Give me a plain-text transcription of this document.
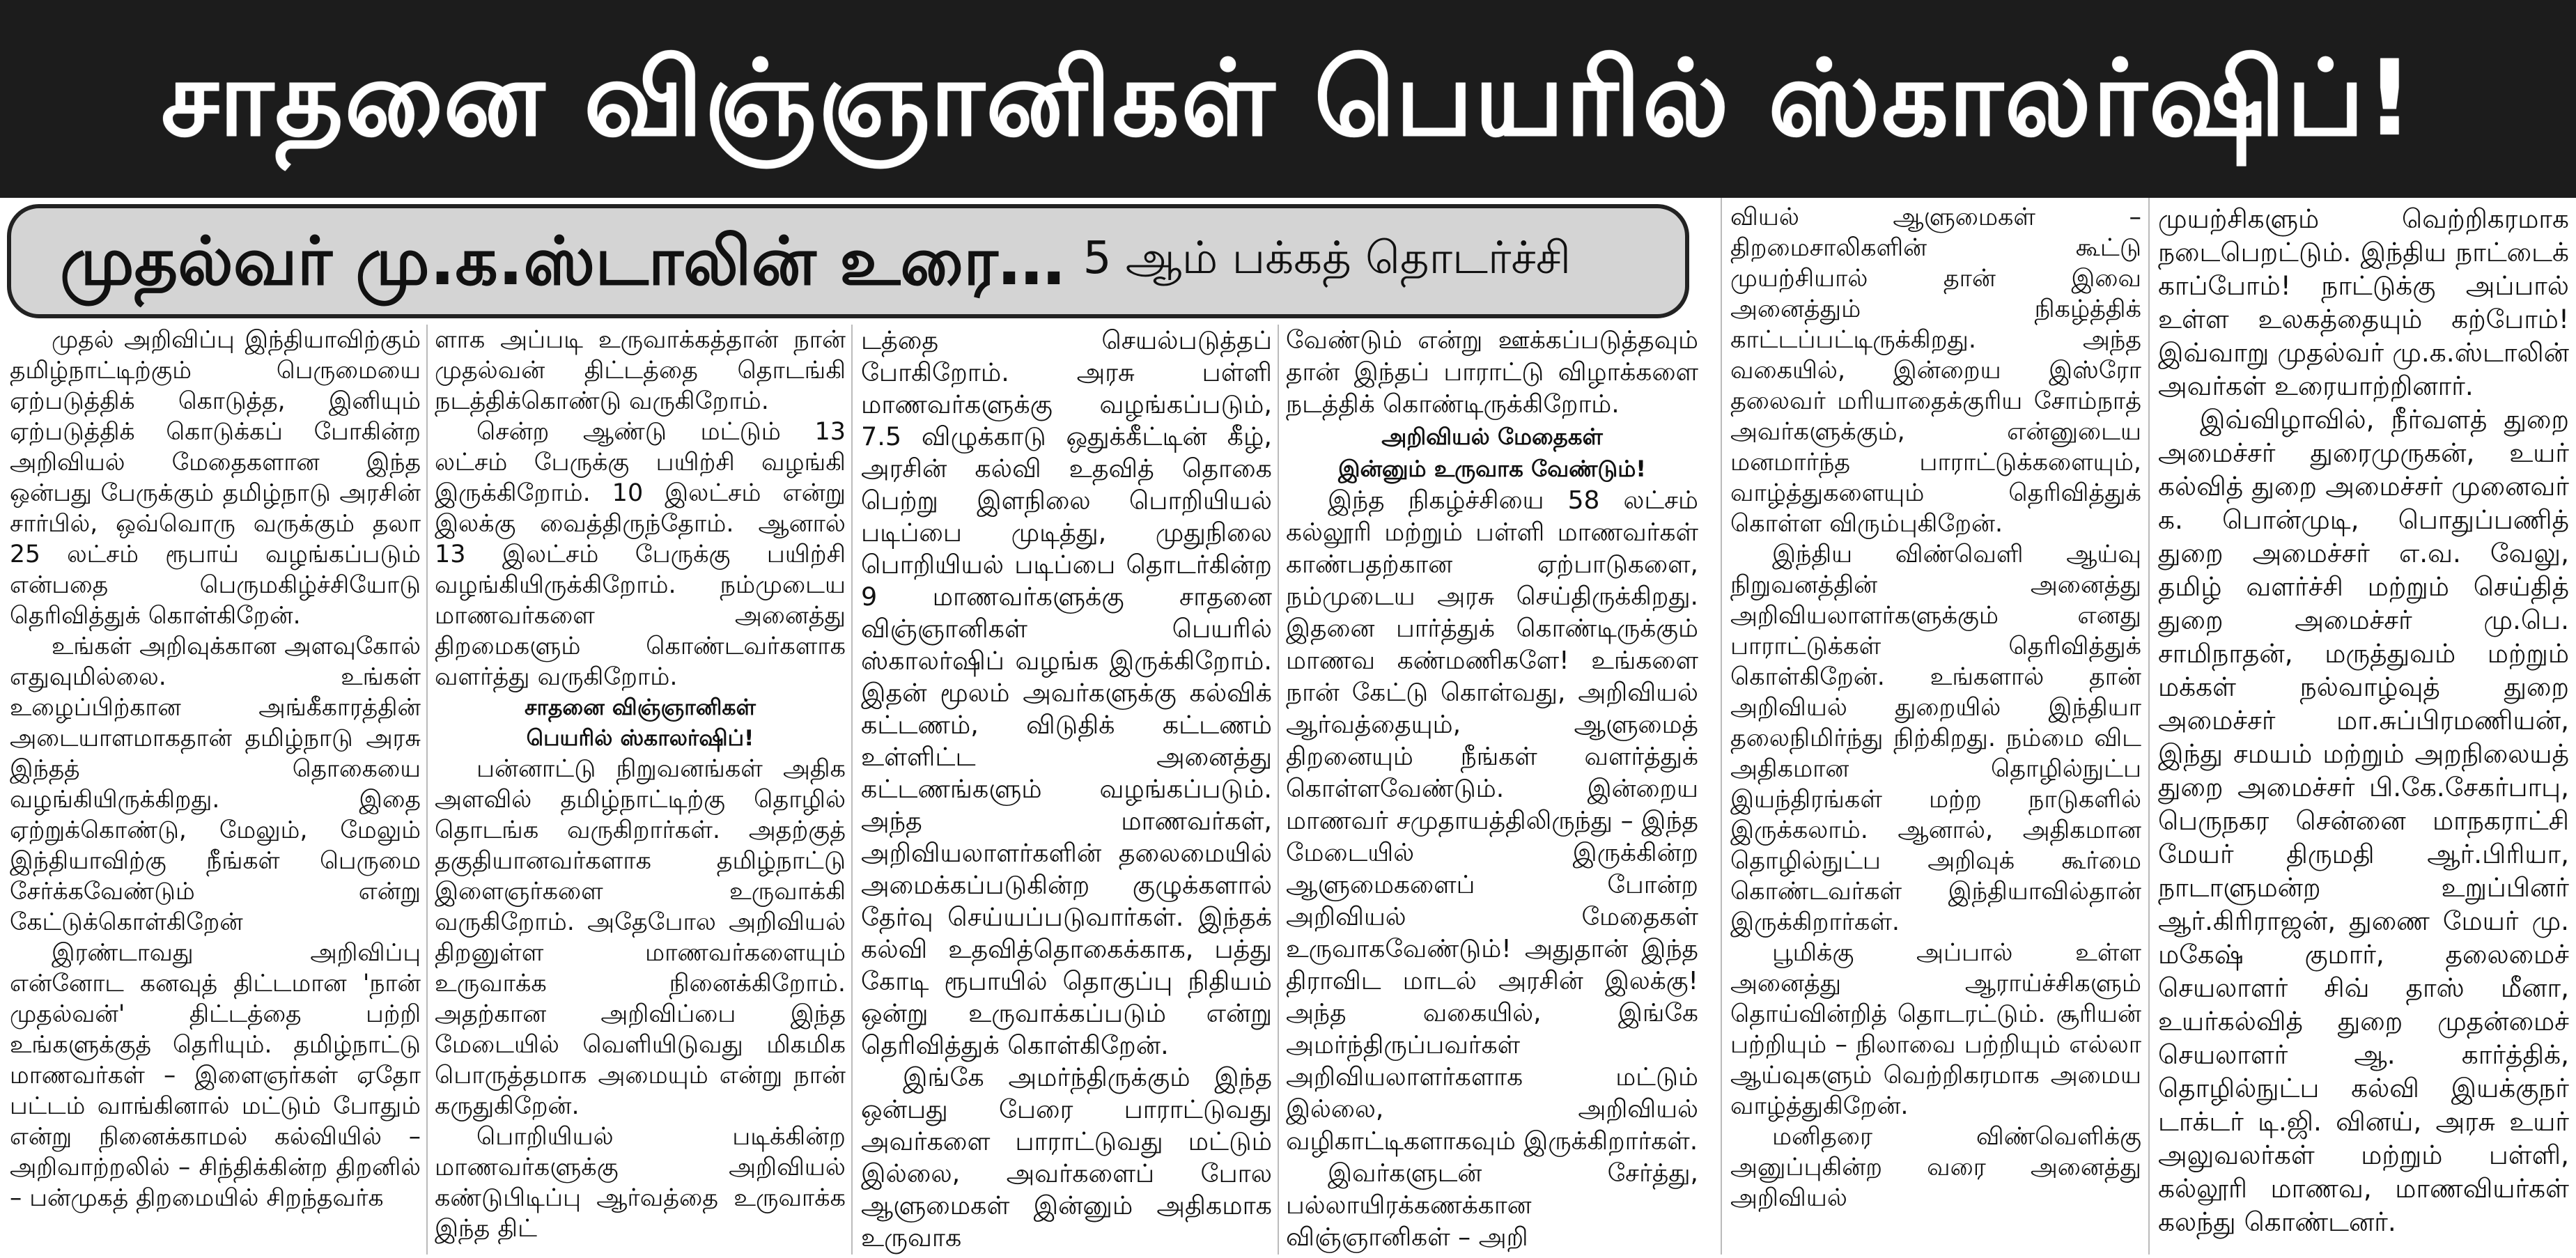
சாதனை விஞ்ஞானிகள் பெயரில் ஸ்காலர்ஷிப்!
முதல்வர் மு.க.ஸ்டாலின் உரை… 5 ஆம் பக்கத் தொடர்ச்சி

முதல் அறிவிப்பு இந்தியாவிற்கும் தமிழ்நாட்டிற்கும் பெருமையை ஏற்படுத்திக் கொடுத்த, இனியும் ஏற்படுத்திக் கொடுக்கப் போகின்ற அறிவியல் மேதைகளான இந்த ஒன்பது பேருக்கும் தமிழ்நாடு அரசின் சார்பில், ஒவ்வொரு வருக்கும் தலா 25 லட்சம் ரூபாய் வழங்கப்படும் என்பதை பெருமகிழ்ச்சியோடு தெரிவித்துக் கொள்கிறேன்.

உங்கள் அறிவுக்கான அளவுகோல் எதுவுமில்லை. உங்கள் உழைப்பிற்கான அங்கீகாரத்தின் அடையாளமாகதான் தமிழ்நாடு அரசு இந்தத் தொகையை வழங்கியிருக்கிறது. இதை ஏற்றுக்கொண்டு, மேலும், மேலும் இந்தியாவிற்கு நீங்கள் பெருமை சேர்க்கவேண்டும் என்று கேட்டுக்கொள்கிறேன்

இரண்டாவது அறிவிப்பு என்னோட கனவுத் திட்டமான 'நான் முதல்வன்' திட்டத்தை பற்றி உங்களுக்குத் தெரியும். தமிழ்நாட்டு மாணவர்கள் – இளைஞர்கள் ஏதோ பட்டம் வாங்கினால் மட்டும் போதும் என்று நினைக்காமல் கல்வியில் – அறிவாற்றலில் – சிந்திக்கின்ற திறனில் – பன்முகத் திறமையில் சிறந்தவர்க

ளாக அப்படி உருவாக்கத்தான் நான் முதல்வன் திட்டத்தை தொடங்கி நடத்திக்கொண்டு வருகிறோம்.

சென்ற ஆண்டு மட்டும் 13 லட்சம் பேருக்கு பயிற்சி வழங்கி இருக்கிறோம். 10 இலட்சம் என்று இலக்கு வைத்திருந்தோம். ஆனால் 13 இலட்சம் பேருக்கு பயிற்சி வழங்கியிருக்கிறோம். நம்முடைய மாணவர்களை அனைத்து திறமைகளும் கொண்டவர்களாக வளர்த்து வருகிறோம்.

சாதனை விஞ்ஞானிகள்
பெயரில் ஸ்காலர்ஷிப்!

பன்னாட்டு நிறுவனங்கள் அதிக அளவில் தமிழ்நாட்டிற்கு தொழில் தொடங்க வருகிறார்கள். அதற்குத் தகுதியானவர்களாக தமிழ்நாட்டு இளைஞர்களை உருவாக்கி வருகிறோம். அதேபோல அறிவியல் திறனுள்ள மாணவர்களையும் உருவாக்க நினைக்கிறோம். அதற்கான அறிவிப்பை இந்த மேடையில் வெளியிடுவது மிகமிக பொருத்தமாக அமையும் என்று நான் கருதுகிறேன்.

பொறியியல் படிக்கின்ற மாணவர்களுக்கு அறிவியல் கண்டுபிடிப்பு ஆர்வத்தை உருவாக்க இந்த திட்

டத்தை செயல்படுத்தப் போகிறோம். அரசு பள்ளி மாணவர்களுக்கு வழங்கப்படும், 7.5 விழுக்காடு ஒதுக்கீட்டின் கீழ், அரசின் கல்வி உதவித் தொகை பெற்று இளநிலை பொறியியல் படிப்பை முடித்து, முதுநிலை பொறியியல் படிப்பை தொடர்கின்ற 9 மாணவர்களுக்கு சாதனை விஞ்ஞானிகள் பெயரில் ஸ்காலர்ஷிப் வழங்க இருக்கிறோம். இதன் மூலம் அவர்களுக்கு கல்விக் கட்டணம், விடுதிக் கட்டணம் உள்ளிட்ட அனைத்து கட்டணங்களும் வழங்கப்படும். அந்த மாணவர்கள், அறிவியலாளர்களின் தலைமையில் அமைக்கப்படுகின்ற குழுக்களால் தேர்வு செய்யப்படுவார்கள். இந்தக் கல்வி உதவித்தொகைக்காக, பத்து கோடி ரூபாயில் தொகுப்பு நிதியம் ஒன்று உருவாக்கப்படும் என்று தெரிவித்துக் கொள்கிறேன்.

இங்கே அமர்ந்திருக்கும் இந்த ஒன்பது பேரை பாராட்டுவது அவர்களை பாராட்டுவது மட்டும் இல்லை, அவர்களைப் போல ஆளுமைகள் இன்னும் அதிகமாக உருவாக

வேண்டும் என்று ஊக்கப்படுத்தவும் தான் இந்தப் பாராட்டு விழாக்களை நடத்திக் கொண்டிருக்கிறோம்.

அறிவியல் மேதைகள்
இன்னும் உருவாக வேண்டும்!

இந்த நிகழ்ச்சியை 58 லட்சம் கல்லூரி மற்றும் பள்ளி மாணவர்கள் காண்பதற்கான ஏற்பாடுகளை, நம்முடைய அரசு செய்திருக்கிறது. இதனை பார்த்துக் கொண்டிருக்கும் மாணவ கண்மணிகளே! உங்களை நான் கேட்டு கொள்வது, அறிவியல் ஆர்வத்தையும், ஆளுமைத் திறனையும் நீங்கள் வளர்த்துக் கொள்ளவேண்டும். இன்றைய மாணவர் சமுதாயத்திலிருந்து – இந்த மேடையில் இருக்கின்ற ஆளுமைகளைப் போன்ற அறிவியல் மேதைகள் உருவாகவேண்டும்! அதுதான் இந்த திராவிட மாடல் அரசின் இலக்கு! அந்த வகையில், இங்கே அமர்ந்திருப்பவர்கள் அறிவியலாளர்களாக மட்டும் இல்லை, அறிவியல் வழிகாட்டிகளாகவும் இருக்கிறார்கள்.

இவர்களுடன் சேர்த்து, பல்லாயிரக்கணக்கான விஞ்ஞானிகள் – அறி

வியல் ஆளுமைகள் – திறமைசாலிகளின் கூட்டு முயற்சியால் தான் இவை அனைத்தும் நிகழ்த்திக் காட்டப்பட்டிருக்கிறது. அந்த வகையில், இன்றைய இஸ்ரோ தலைவர் மரியாதைக்குரிய சோம்நாத் அவர்களுக்கும், என்னுடைய மனமார்ந்த பாராட்டுக்களையும், வாழ்த்துகளையும் தெரிவித்துக் கொள்ள விரும்புகிறேன்.

இந்திய விண்வெளி ஆய்வு நிறுவனத்தின் அனைத்து அறிவியலாளர்களுக்கும் எனது பாராட்டுக்கள் தெரிவித்துக் கொள்கிறேன். உங்களால் தான் அறிவியல் துறையில் இந்தியா தலைநிமிர்ந்து நிற்கிறது. நம்மை விட அதிகமான தொழில்நுட்ப இயந்திரங்கள் மற்ற நாடுகளில் இருக்கலாம். ஆனால், அதிகமான தொழில்நுட்ப அறிவுக் கூர்மை கொண்டவர்கள் இந்தியாவில்தான் இருக்கிறார்கள்.

பூமிக்கு அப்பால் உள்ள அனைத்து ஆராய்ச்சிகளும் தொய்வின்றித் தொடரட்டும். சூரியன் பற்றியும் – நிலாவை பற்றியும் எல்லா ஆய்வுகளும் வெற்றிகரமாக அமைய வாழ்த்துகிறேன்.

மனிதரை விண்வெளிக்கு அனுப்புகின்ற வரை அனைத்து அறிவியல்

முயற்சிகளும் வெற்றிகரமாக நடைபெறட்டும். இந்திய நாட்டைக் காப்போம்! நாட்டுக்கு அப்பால் உள்ள உலகத்தையும் கற்போம்! இவ்வாறு முதல்வர் மு.க.ஸ்டாலின் அவர்கள் உரையாற்றினார்.

இவ்விழாவில், நீர்வளத் துறை அமைச்சர் துரைமுருகன், உயர் கல்வித் துறை அமைச்சர் முனைவர் க. பொன்முடி, பொதுப்பணித் துறை அமைச்சர் எ.வ. வேலு, தமிழ் வளர்ச்சி மற்றும் செய்தித் துறை அமைச்சர் மு.பெ. சாமிநாதன், மருத்துவம் மற்றும் மக்கள் நல்வாழ்வுத் துறை அமைச்சர் மா.சுப்பிரமணியன், இந்து சமயம் மற்றும் அறநிலையத் துறை அமைச்சர் பி.கே.சேகர்பாபு, பெருநகர சென்னை மாநகராட்சி மேயர் திருமதி ஆர்.பிரியா, நாடாளுமன்ற உறுப்பினர் ஆர்.கிரிராஜன், துணை மேயர் மு. மகேஷ் குமார், தலைமைச் செயலாளர் சிவ் தாஸ் மீனா, உயர்கல்வித் துறை முதன்மைச் செயலாளர் ஆ. கார்த்திக், தொழில்நுட்ப கல்வி இயக்குநர் டாக்டர் டி.ஜி. வினய், அரசு உயர் அலுவலர்கள் மற்றும் பள்ளி, கல்லூரி மாணவ, மாணவியர்கள் கலந்து கொண்டனர்.
